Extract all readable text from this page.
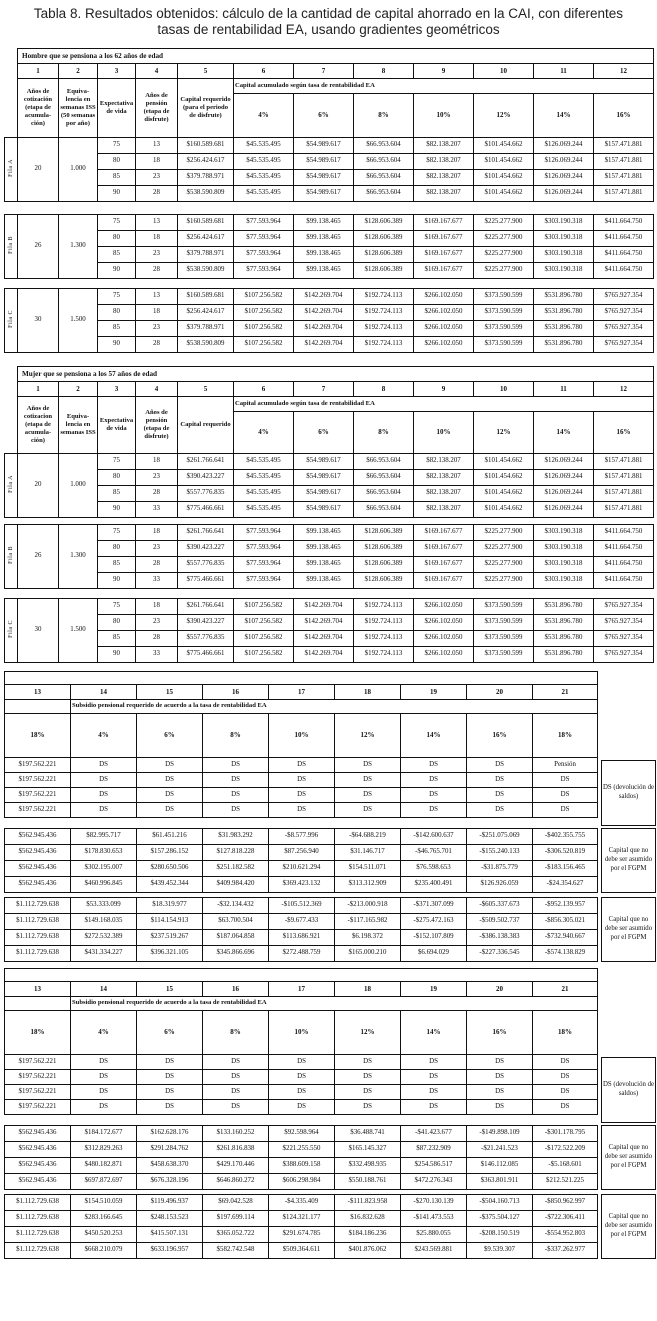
Tabla 8. Resultados obtenidos: cálculo de la cantidad de capital ahorrado en la CAI, con diferentes tasas de rentabilidad EA, usando gradientes geométricos
	Hombre que se pensiona a los 62 años de edad											
	1	2	3	4	5	6	7	8	9	10	11	12
	Años de cotización (etapa de acumulación)	Equivalencia en semanas ISS (50 semanas por año)	Expectativa de vida	Años de pensión (etapa de disfrute)	Capital requerido (para el periodo de disfrute)	Capital acumulado según tasa de rentabilidad EA						
						4%	6%	8%	10%	12%	14%	16%
Fila A	20	1.000	75	13	$160.589.681	$45.535.495	$54.989.617	$66.953.604	$82.138.207	$101.454.662	$126.069.244	$157.471.881
			80	18	$256.424.617	$45.535.495	$54.989.617	$66.953.604	$82.138.207	$101.454.662	$126.069.244	$157.471.881
			85	23	$379.788.971	$45.535.495	$54.989.617	$66.953.604	$82.138.207	$101.454.662	$126.069.244	$157.471.881
			90	28	$538.590.809	$45.535.495	$54.989.617	$66.953.604	$82.138.207	$101.454.662	$126.069.244	$157.471.881
Fila B	26	1.300	75	13	$160.589.681	$77.593.964	$99.138.465	$128.606.389	$169.167.677	$225.277.900	$303.190.318	$411.664.750
			80	18	$256.424.617	$77.593.964	$99.138.465	$128.606.389	$169.167.677	$225.277.900	$303.190.318	$411.664.750
			85	23	$379.788.971	$77.593.964	$99.138.465	$128.606.389	$169.167.677	$225.277.900	$303.190.318	$411.664.750
			90	28	$538.590.809	$77.593.964	$99.138.465	$128.606.389	$169.167.677	$225.277.900	$303.190.318	$411.664.750
Fila C	30	1.500	75	13	$160.589.681	$107.256.582	$142.269.704	$192.724.113	$266.102.050	$373.590.599	$531.896.780	$765.927.354
			80	18	$256.424.617	$107.256.582	$142.269.704	$192.724.113	$266.102.050	$373.590.599	$531.896.780	$765.927.354
			85	23	$379.788.971	$107.256.582	$142.269.704	$192.724.113	$266.102.050	$373.590.599	$531.896.780	$765.927.354
			90	28	$538.590.809	$107.256.582	$142.269.704	$192.724.113	$266.102.050	$373.590.599	$531.896.780	$765.927.354
	Mujer que se pensiona a los 57 años de edad											
	1	2	3	4	5	6	7	8	9	10	11	12
	Años de cotizacion (etapa de acumulación)	Equivalencia en semanas ISS	Expectativa de vida	Años de pensión (etapa de disfrute)	Capital requerido	Capital acumulado según tasa de rentabilidad EA						
						4%	6%	8%	10%	12%	14%	16%
Fila A	20	1.000	75	18	$261.766.641	$45.535.495	$54.989.617	$66.953.604	$82.138.207	$101.454.662	$126.069.244	$157.471.881
			80	23	$390.423.227	$45.535.495	$54.989.617	$66.953.604	$82.138.207	$101.454.662	$126.069.244	$157.471.881
			85	28	$557.776.835	$45.535.495	$54.989.617	$66.953.604	$82.138.207	$101.454.662	$126.069.244	$157.471.881
			90	33	$775.466.661	$45.535.495	$54.989.617	$66.953.604	$82.138.207	$101.454.662	$126.069.244	$157.471.881
Fila B	26	1.300	75	18	$261.766.641	$77.593.964	$99.138.465	$128.606.389	$169.167.677	$225.277.900	$303.190.318	$411.664.750
			80	23	$390.423.227	$77.593.964	$99.138.465	$128.606.389	$169.167.677	$225.277.900	$303.190.318	$411.664.750
			85	28	$557.776.835	$77.593.964	$99.138.465	$128.606.389	$169.167.677	$225.277.900	$303.190.318	$411.664.750
			90	33	$775.466.661	$77.593.964	$99.138.465	$128.606.389	$169.167.677	$225.277.900	$303.190.318	$411.664.750
Fila C	30	1.500	75	18	$261.766.641	$107.256.582	$142.269.704	$192.724.113	$266.102.050	$373.590.599	$531.896.780	$765.927.354
			80	23	$390.423.227	$107.256.582	$142.269.704	$192.724.113	$266.102.050	$373.590.599	$531.896.780	$765.927.354
			85	28	$557.776.835	$107.256.582	$142.269.704	$192.724.113	$266.102.050	$373.590.599	$531.896.780	$765.927.354
			90	33	$775.466.661	$107.256.582	$142.269.704	$192.724.113	$266.102.050	$373.590.599	$531.896.780	$765.927.354

13	14	15	16	17	18	19	20	21
	Subsidio pensional requerido de acuerdo a la tasa de rentabilidad EA							
18%	4%	6%	8%	10%	12%	14%	16%	18%
$197.562.221	DS	DS	DS	DS	DS	DS	DS	Pensión
$197.562.221	DS	DS	DS	DS	DS	DS	DS	DS
$197.562.221	DS	DS	DS	DS	DS	DS	DS	DS
$197.562.221	DS	DS	DS	DS	DS	DS	DS	DS
DS (devolución de saldos)
$562.945.436	$82.995.717	$61.451.216	$31.983.292	-$8.577.996	-$64.688.219	-$142.600.637	-$251.075.069	-$402.355.755
$562.945.436	$178.830.653	$157.286.152	$127.818.228	$87.256.940	$31.146.717	-$46.765.701	-$155.240.133	-$306.520.819
$562.945.436	$302.195.007	$280.650.506	$251.182.582	$210.621.294	$154.511.071	$76.598.653	-$31.875.779	-$183.156.465
$562.945.436	$460.996.845	$439.452.344	$409.984.420	$369.423.132	$313.312.909	$235.400.491	$126.926.059	-$24.354.627
Capital que no debe ser asumido por el FGPM
$1.112.729.638	$53.333.099	$18.319.977	-$32.134.432	-$105.512.369	-$213.000.918	-$371.307.099	-$605.337.673	-$952.139.957
$1.112.729.638	$149.168.035	$114.154.913	$63.700.504	-$9.677.433	-$117.165.982	-$275.472.163	-$509.502.737	-$856.305.021
$1.112.729.638	$272.532.389	$237.519.267	$187.064.858	$113.686.921	$6.198.372	-$152.107.809	-$386.138.383	-$732.940.667
$1.112.729.638	$431.334.227	$396.321.105	$345.866.696	$272.488.759	$165.000.210	$6.694.029	-$227.336.545	-$574.138.829
Capital que no debe ser asumido por el FGPM

13	14	15	16	17	18	19	20	21
	Subsidio pensional requerido de acuerdo a la tasa de rentabilidad EA							
18%	4%	6%	8%	10%	12%	14%	16%	18%
$197.562.221	DS	DS	DS	DS	DS	DS	DS	DS
$197.562.221	DS	DS	DS	DS	DS	DS	DS	DS
$197.562.221	DS	DS	DS	DS	DS	DS	DS	DS
$197.562.221	DS	DS	DS	DS	DS	DS	DS	DS
DS (devolución de saldos)
$562.945.436	$184.172.677	$162.628.176	$133.160.252	$92.598.964	$36.488.741	-$41.423.677	-$149.898.109	-$301.178.795
$562.945.436	$312.829.263	$291.284.762	$261.816.838	$221.255.550	$165.145.327	$87.232.909	-$21.241.523	-$172.522.209
$562.945.436	$480.182.871	$458.638.370	$429.170.446	$388.609.158	$332.498.935	$254.586.517	$146.112.085	-$5.168.601
$562.945.436	$697.872.697	$676.328.196	$646.860.272	$606.298.984	$550.188.761	$472.276.343	$363.801.911	$212.521.225
Capital que no debe ser asumido por el FGPM
$1.112.729.638	$154.510.059	$119.496.937	$69.042.528	-$4.335.409	-$111.823.958	-$270.130.139	-$504.160.713	-$850.962.997
$1.112.729.638	$283.166.645	$248.153.523	$197.699.114	$124.321.177	$16.832.628	-$141.473.553	-$375.504.127	-$722.306.411
$1.112.729.638	$450.520.253	$415.507.131	$365.052.722	$291.674.785	$184.186.236	$25.880.055	-$208.150.519	-$554.952.803
$1.112.729.638	$668.210.079	$633.196.957	$582.742.548	$509.364.611	$401.876.062	$243.569.881	$9.539.307	-$337.262.977
Capital que no debe ser asumido por el FGPM
